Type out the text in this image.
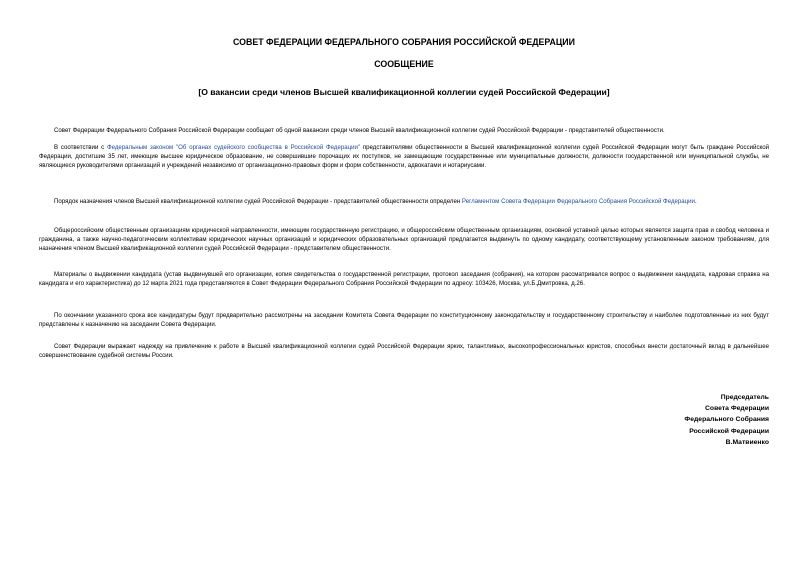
СОВЕТ ФЕДЕРАЦИИ ФЕДЕРАЛЬНОГО СОБРАНИЯ РОССИЙСКОЙ ФЕДЕРАЦИИ
СООБЩЕНИЕ
[О вакансии среди членов Высшей квалификационной коллегии судей Российской Федерации]

Совет Федерации Федерального Собрания Российской Федерации сообщает об одной вакансии среди членов Высшей квалификационной коллегии судей Российской Федерации - представителей общественности.

В соответствии с Федеральным законом "Об органах судейского сообщества в Российской Федерации" представителями общественности в Высшей квалификационной коллегии судей Российской Федерации могут быть граждане Российской Федерации, достигшие 35 лет, имеющие высшее юридическое образование, не совершившие порочащих их поступков, не замещающие государственные или муниципальные должности, должности государственной или муниципальной службы, не являющиеся руководителями организаций и учреждений независимо от организационно-правовых форм и форм собственности, адвокатами и нотариусами.

Порядок назначения членов Высшей квалификационной коллегии судей Российской Федерации - представителей общественности определен Регламентом Совета Федерации Федерального Собрания Российской Федерации.

Общероссийским общественным организациям юридической направленности, имеющим государственную регистрацию, и общероссийским общественным организациям, основной уставной целью которых является защита прав и свобод человека и гражданина, а также научно-педагогическим коллективам юридических научных организаций и юридических образовательных организаций предлагается выдвинуть по одному кандидату, соответствующему установленным законом требованиям, для назначения членом Высшей квалификационной коллегии судей Российской Федерации - представителем общественности.

Материалы о выдвижении кандидата (устав выдвинувшей его организации, копия свидетельства о государственной регистрации, протокол заседания (собрания), на котором рассматривался вопрос о выдвижении кандидата, кадровая справка на кандидата и его характеристика) до 12 марта 2021 года представляются в Совет Федерации Федерального Собрания Российской Федерации по адресу: 103426, Москва, ул.Б.Дмитровка, д.26.

По окончании указанного срока все кандидатуры будут предварительно рассмотрены на заседании Комитета Совета Федерации по конституционному законодательству и государственному строительству и наиболее подготовленные из них будут представлены к назначению на заседании Совета Федерации.

Совет Федерации выражает надежду на привлечение к работе в Высшей квалификационной коллегии судей Российской Федерации ярких, талантливых, высокопрофессиональных юристов, способных внести достаточный вклад в дальнейшее совершенствование судебной системы России.

Председатель
Совета Федерации
Федерального Собрания
Российской Федерации
В.Матвиенко
